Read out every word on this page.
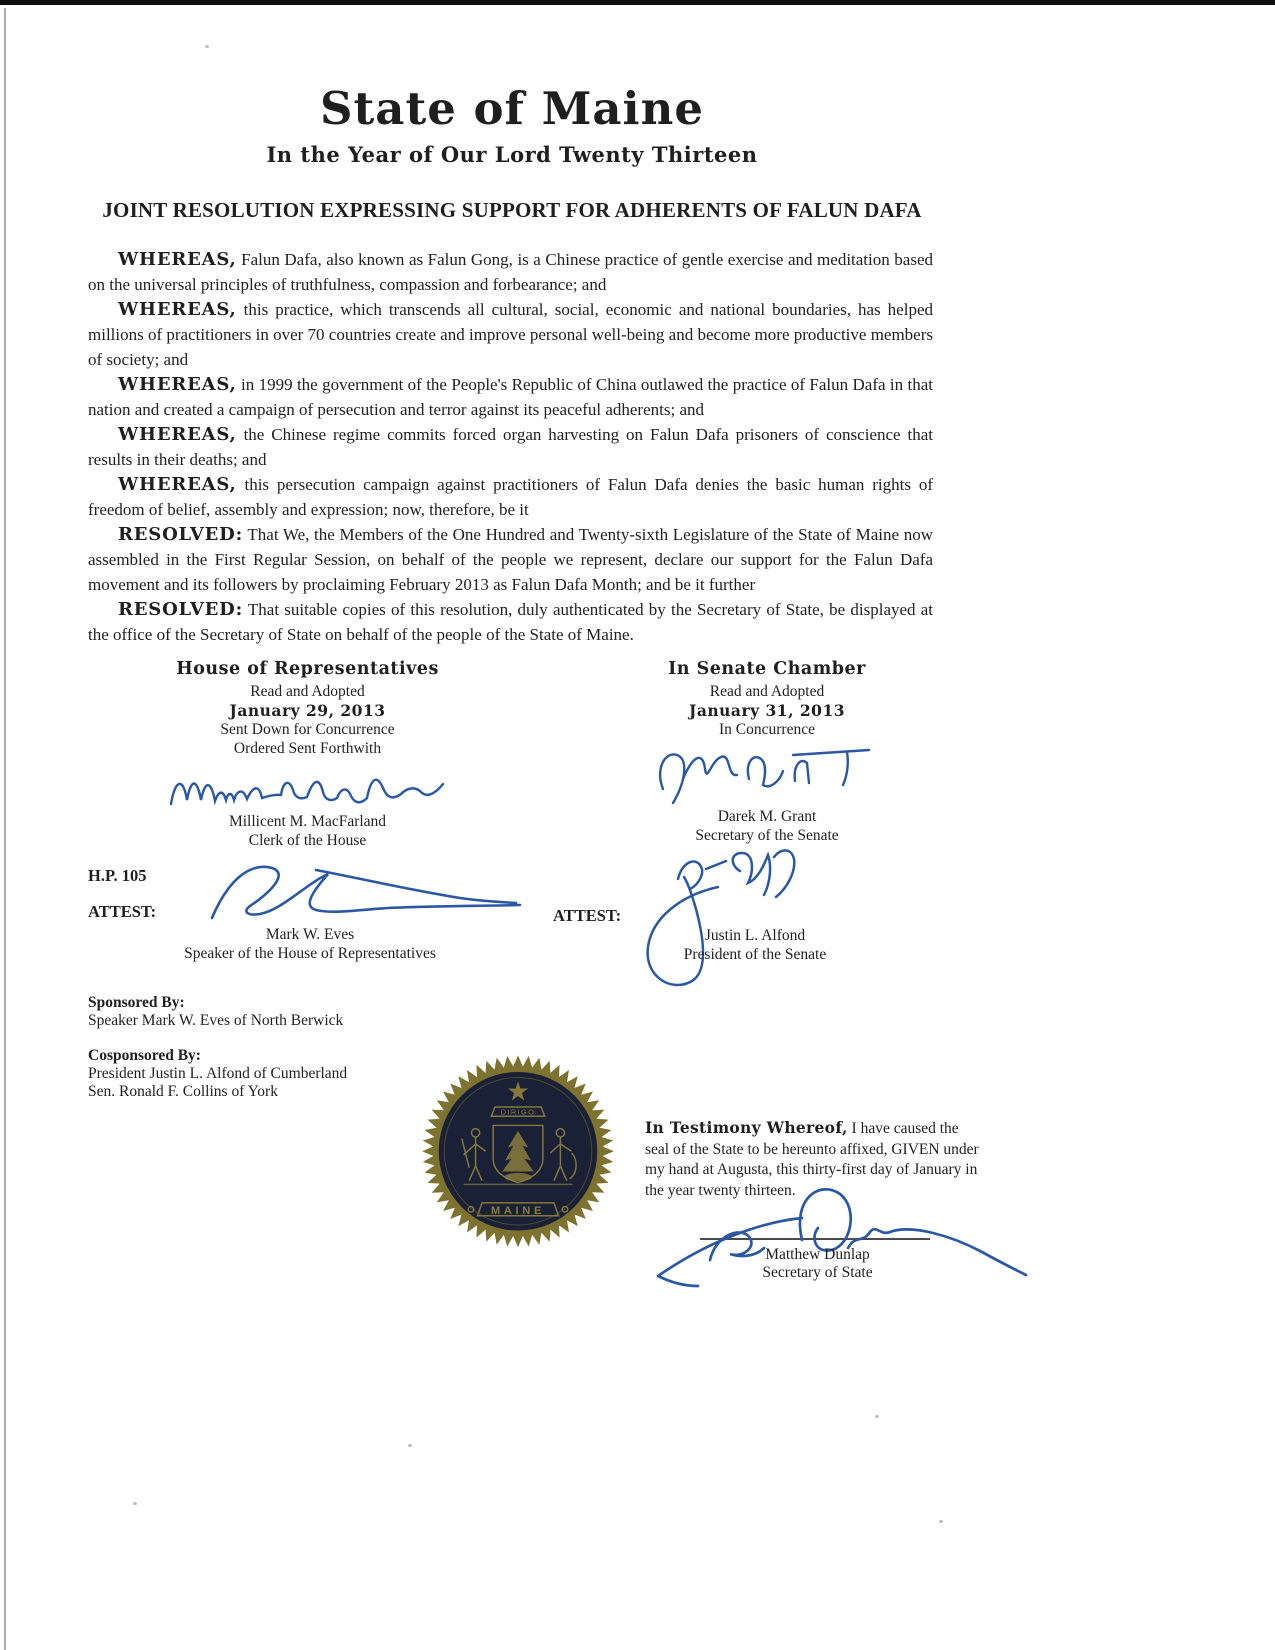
State of Maine
In the Year of Our Lord Twenty Thirteen
JOINT RESOLUTION EXPRESSING SUPPORT FOR ADHERENTS OF FALUN DAFA

WHEREAS, Falun Dafa, also known as Falun Gong, is a Chinese practice of gentle exercise and meditation based on the universal principles of truthfulness, compassion and forbearance; and

WHEREAS, this practice, which transcends all cultural, social, economic and national boundaries, has helped millions of practitioners in over 70 countries create and improve personal well-being and become more productive members of society; and

WHEREAS, in 1999 the government of the People's Republic of China outlawed the practice of Falun Dafa in that nation and created a campaign of persecution and terror against its peaceful adherents; and

WHEREAS, the Chinese regime commits forced organ harvesting on Falun Dafa prisoners of conscience that results in their deaths; and

WHEREAS, this persecution campaign against practitioners of Falun Dafa denies the basic human rights of freedom of belief, assembly and expression; now, therefore, be it

RESOLVED: That We, the Members of the One Hundred and Twenty-sixth Legislature of the State of Maine now assembled in the First Regular Session, on behalf of the people we represent, declare our support for the Falun Dafa movement and its followers by proclaiming February 2013 as Falun Dafa Month; and be it further

RESOLVED: That suitable copies of this resolution, duly authenticated by the Secretary of State, be displayed at the office of the Secretary of State on behalf of the people of the State of Maine.

House of Representatives
Read and Adopted
January 29, 2013
Sent Down for Concurrence
Ordered Sent Forthwith
Millicent M. MacFarland
Clerk of the House
In Senate Chamber
Read and Adopted
January 31, 2013
In Concurrence
Darek M. Grant
Secretary of the Senate
H.P. 105
ATTEST:
Mark W. Eves
Speaker of the House of Representatives
ATTEST:
Justin L. Alfond
President of the Senate
Sponsored By:
Speaker Mark W. Eves of North Berwick
Cosponsored By:
President Justin L. Alfond of Cumberland
Sen. Ronald F. Collins of York
DIRIGO
MAINE
In Testimony Whereof, I have caused the seal of the State to be hereunto affixed, GIVEN under my hand at Augusta, this thirty-first day of January in the year twenty thirteen.
Matthew Dunlap
Secretary of State
